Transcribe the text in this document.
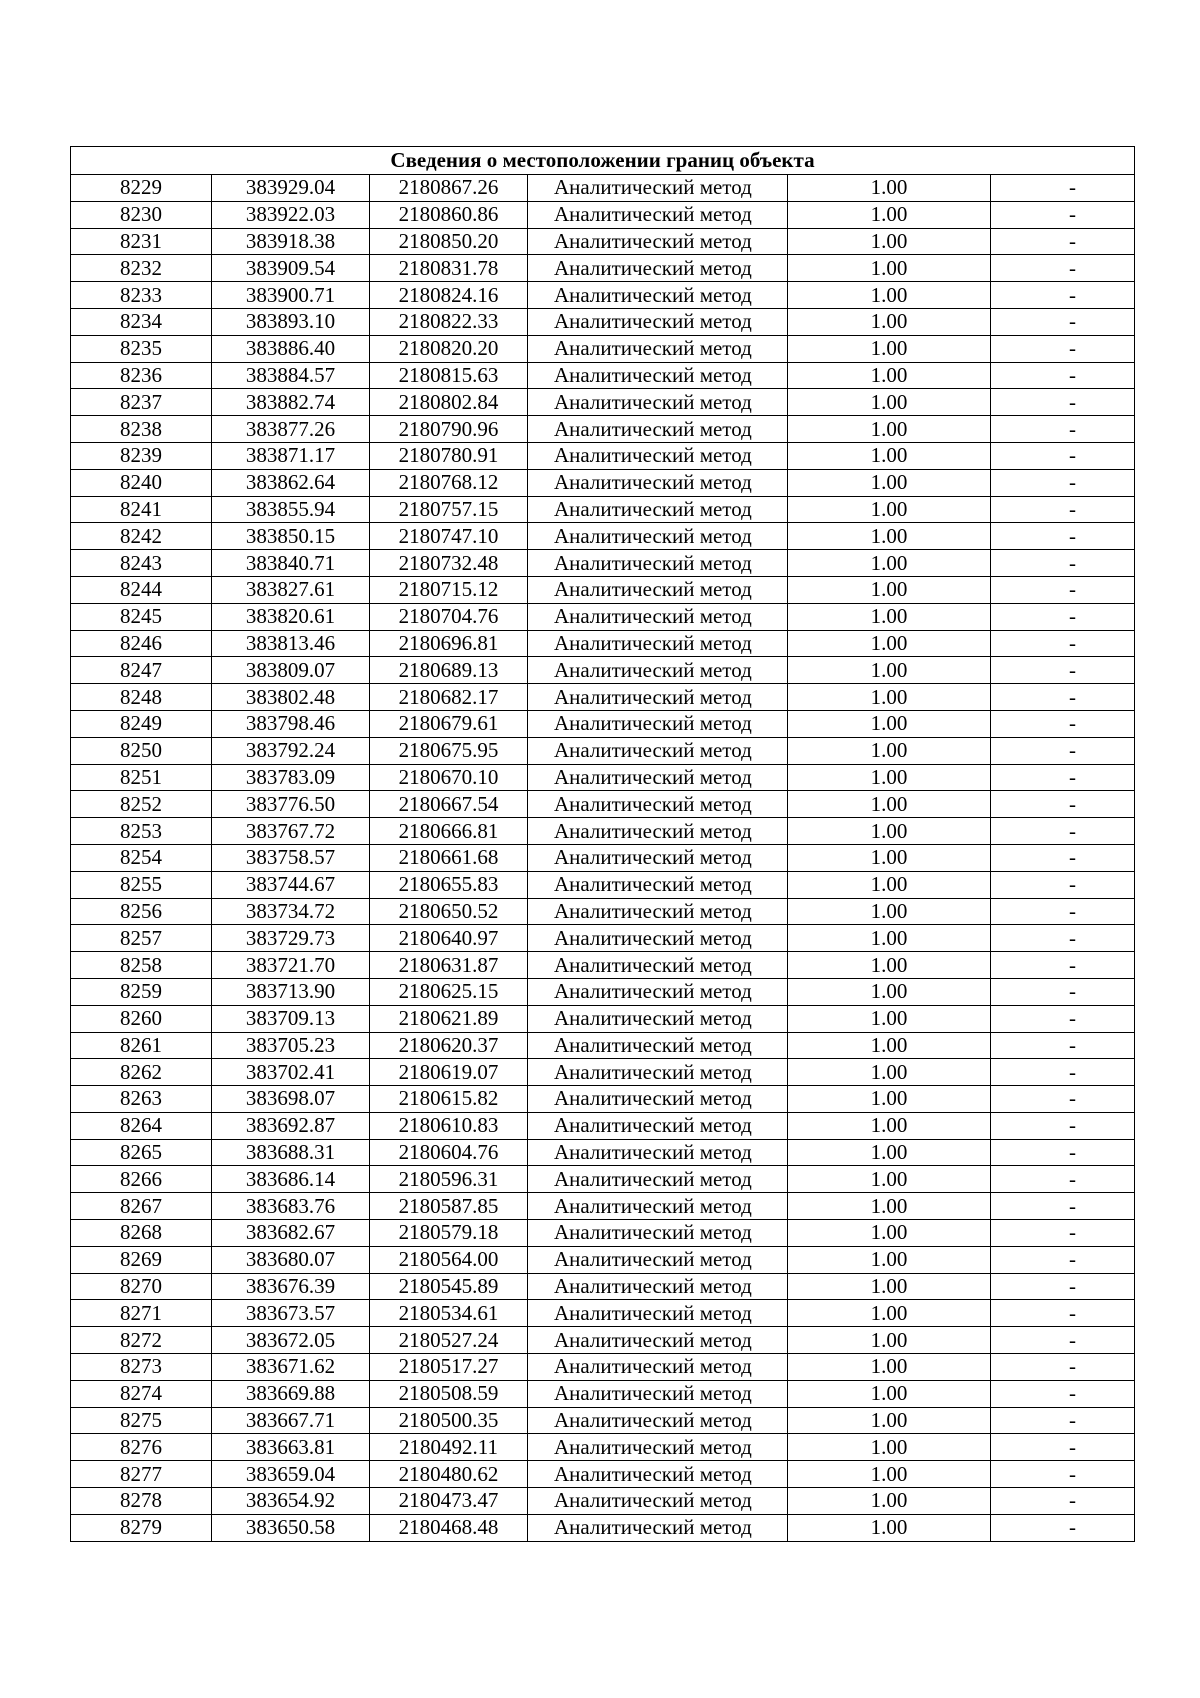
Сведения о местоположении границ объекта					
8229	383929.04	2180867.26	Аналитический метод	1.00	-
8230	383922.03	2180860.86	Аналитический метод	1.00	-
8231	383918.38	2180850.20	Аналитический метод	1.00	-
8232	383909.54	2180831.78	Аналитический метод	1.00	-
8233	383900.71	2180824.16	Аналитический метод	1.00	-
8234	383893.10	2180822.33	Аналитический метод	1.00	-
8235	383886.40	2180820.20	Аналитический метод	1.00	-
8236	383884.57	2180815.63	Аналитический метод	1.00	-
8237	383882.74	2180802.84	Аналитический метод	1.00	-
8238	383877.26	2180790.96	Аналитический метод	1.00	-
8239	383871.17	2180780.91	Аналитический метод	1.00	-
8240	383862.64	2180768.12	Аналитический метод	1.00	-
8241	383855.94	2180757.15	Аналитический метод	1.00	-
8242	383850.15	2180747.10	Аналитический метод	1.00	-
8243	383840.71	2180732.48	Аналитический метод	1.00	-
8244	383827.61	2180715.12	Аналитический метод	1.00	-
8245	383820.61	2180704.76	Аналитический метод	1.00	-
8246	383813.46	2180696.81	Аналитический метод	1.00	-
8247	383809.07	2180689.13	Аналитический метод	1.00	-
8248	383802.48	2180682.17	Аналитический метод	1.00	-
8249	383798.46	2180679.61	Аналитический метод	1.00	-
8250	383792.24	2180675.95	Аналитический метод	1.00	-
8251	383783.09	2180670.10	Аналитический метод	1.00	-
8252	383776.50	2180667.54	Аналитический метод	1.00	-
8253	383767.72	2180666.81	Аналитический метод	1.00	-
8254	383758.57	2180661.68	Аналитический метод	1.00	-
8255	383744.67	2180655.83	Аналитический метод	1.00	-
8256	383734.72	2180650.52	Аналитический метод	1.00	-
8257	383729.73	2180640.97	Аналитический метод	1.00	-
8258	383721.70	2180631.87	Аналитический метод	1.00	-
8259	383713.90	2180625.15	Аналитический метод	1.00	-
8260	383709.13	2180621.89	Аналитический метод	1.00	-
8261	383705.23	2180620.37	Аналитический метод	1.00	-
8262	383702.41	2180619.07	Аналитический метод	1.00	-
8263	383698.07	2180615.82	Аналитический метод	1.00	-
8264	383692.87	2180610.83	Аналитический метод	1.00	-
8265	383688.31	2180604.76	Аналитический метод	1.00	-
8266	383686.14	2180596.31	Аналитический метод	1.00	-
8267	383683.76	2180587.85	Аналитический метод	1.00	-
8268	383682.67	2180579.18	Аналитический метод	1.00	-
8269	383680.07	2180564.00	Аналитический метод	1.00	-
8270	383676.39	2180545.89	Аналитический метод	1.00	-
8271	383673.57	2180534.61	Аналитический метод	1.00	-
8272	383672.05	2180527.24	Аналитический метод	1.00	-
8273	383671.62	2180517.27	Аналитический метод	1.00	-
8274	383669.88	2180508.59	Аналитический метод	1.00	-
8275	383667.71	2180500.35	Аналитический метод	1.00	-
8276	383663.81	2180492.11	Аналитический метод	1.00	-
8277	383659.04	2180480.62	Аналитический метод	1.00	-
8278	383654.92	2180473.47	Аналитический метод	1.00	-
8279	383650.58	2180468.48	Аналитический метод	1.00	-
